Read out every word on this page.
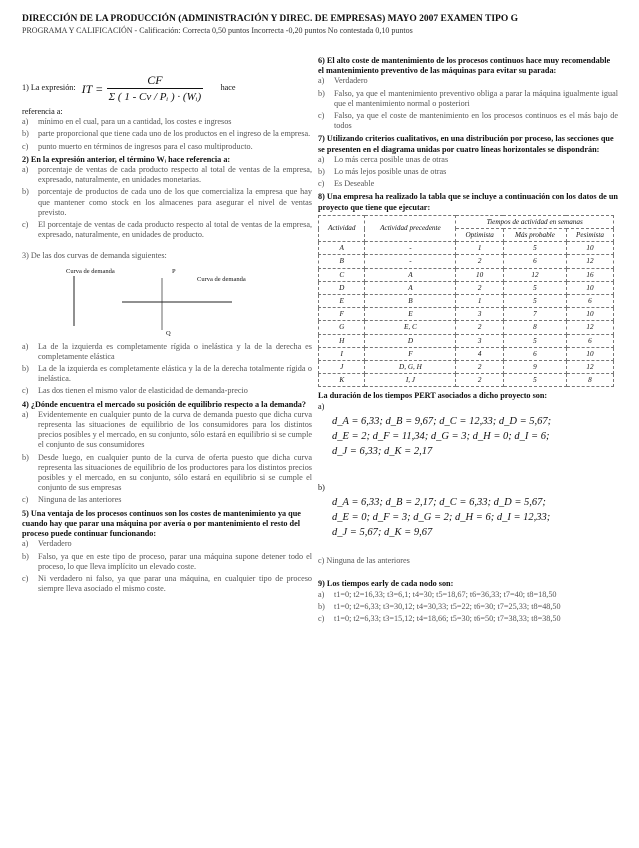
DIRECCIÓN DE LA PRODUCCIÓN (ADMINISTRACIÓN Y DIREC. DE EMPRESAS) MAYO 2007 EXAMEN TIPO G
PROGRAMA Y CALIFICACIÓN - Calificación: Correcta 0,50 puntos Incorrecta -0,20 puntos No contestada 0,10 puntos
1) La expresión: IT = $\frac{CF}{\text{Σ ( 1 - Cv / Pᵢ ) · (Wᵢ)}}$ hace
referencia a:
a)	mínimo en el cual, para un a cantidad, los costes e ingresos
b)	parte proporcional que tiene cada uno de los productos en el ingreso de la empresa.
c)	punto muerto en términos de ingresos para el caso multiproducto.
2) En la expresión anterior, el término Wᵢ hace referencia a:
a)	porcentaje de ventas de cada producto respecto al total de ventas de la empresa, expresado, naturalmente, en unidades monetarias.
b)	porcentaje de productos de cada uno de los que comercializa la empresa que hay que mantener como stock en los almacenes para asegurar el nivel de ventas previsto.
c)	El porcentaje de ventas de cada producto respecto al total de ventas de la empresa, expresado, naturalmente, en unidades de producto.
3) De las dos curvas de demanda siguientes:
Curva de demanda	P
Curva de demanda
Q
a)	La de la izquierda es completamente rígida o inelástica y la de la derecha es completamente elástica
b)	La de la izquierda es completamente elástica y la de la derecha totalmente rígida o inelástica.
c)	Las dos tienen el mismo valor de elasticidad de demanda-precio
4) ¿Dónde encuentra el mercado su posición de equilibrio respecto a la demanda?
a)	Evidentemente en cualquier punto de la curva de demanda puesto que dicha curva representa las situaciones de equilibrio de los consumidores para los distintos precios posibles y el mercado, en su conjunto, sólo estará en equilibrio si se cumple el conjunto de sus consumidores
b)	Desde luego, en cualquier punto de la curva de oferta puesto que dicha curva representa las situaciones de equilibrio de los productores para los distintos precios posibles y el mercado, en su conjunto, sólo estará en equilibrio si se cumple el conjunto de sus empresas
c)	Ninguna de las anteriores
5) Una ventaja de los procesos continuos son los costes de mantenimiento ya que cuando hay que parar una máquina por avería o por mantenimiento el resto del proceso puede continuar funcionando:
a)	Verdadero
b)	Falso, ya que en este tipo de proceso, parar una máquina supone detener todo el proceso, lo que lleva implícito un elevado coste.
c)	Ni verdadero ni falso, ya que parar una máquina, en cualquier tipo de proceso siempre lleva asociado el mismo coste.
6) El alto coste de mantenimiento de los procesos continuos hace muy recomendable el mantenimiento preventivo de las máquinas para evitar su parada:
a)	Verdadero
b)	Falso, ya que el mantenimiento preventivo obliga a parar la máquina igualmente igual que el mantenimiento normal o posteriori
c)	Falso, ya que el coste de mantenimiento en los procesos continuos es el más bajo de todos
7) Utilizando criterios cualitativos, en una distribución por proceso, las secciones que se presenten en el diagrama unidas por cuatro líneas horizontales se dispondrán:
a)	Lo más cerca posible unas de otras
b)	Lo más lejos posible unas de otras
c)	Es Deseable
8) Una empresa ha realizado la tabla que se incluye a continuación con los datos de un proyecto que tiene que ejecutar:
Actividad	Actividad precedente	Tiempos de actividad en semanas		
		Optimista	Más probable	Pesimista
A	-	1	5	10
B	-	2	6	12
C	A	10	12	16
D	A	2	5	10
E	B	1	5	6
F	E	3	7	10
G	E, C	2	8	12
H	D	3	5	6
I	F	4	6	10
J	D, G, H	2	9	12
K	I, J	2	5	8
La duración de los tiempos PERT asociados a dicho proyecto son:
a)
d_A = 6,33; d_B = 9,67; d_C = 12,33; d_D = 5,67;
d_E = 2; d_F = 11,34; d_G = 3; d_H = 0; d_I = 6;
d_J = 6,33; d_K = 2,17
b)
d_A = 6,33; d_B = 2,17; d_C = 6,33; d_D = 5,67;
d_E = 0; d_F = 3; d_G = 2; d_H = 6; d_I = 12,33;
d_J = 5,67; d_K = 9,67
c) Ninguna de las anteriores
9) Los tiempos early de cada nodo son:
a)	t1=0; t2=16,33; t3=6,1; t4=30; t5=18,67; t6=36,33; t7=40; t8=18,50
b)	t1=0; t2=6,33; t3=30,12; t4=30,33; t5=22; t6=30; t7=25,33; t8=48,50
c)	t1=0; t2=6,33; t3=15,12; t4=18,66; t5=30; t6=50; t7=38,33; t8=38,50
